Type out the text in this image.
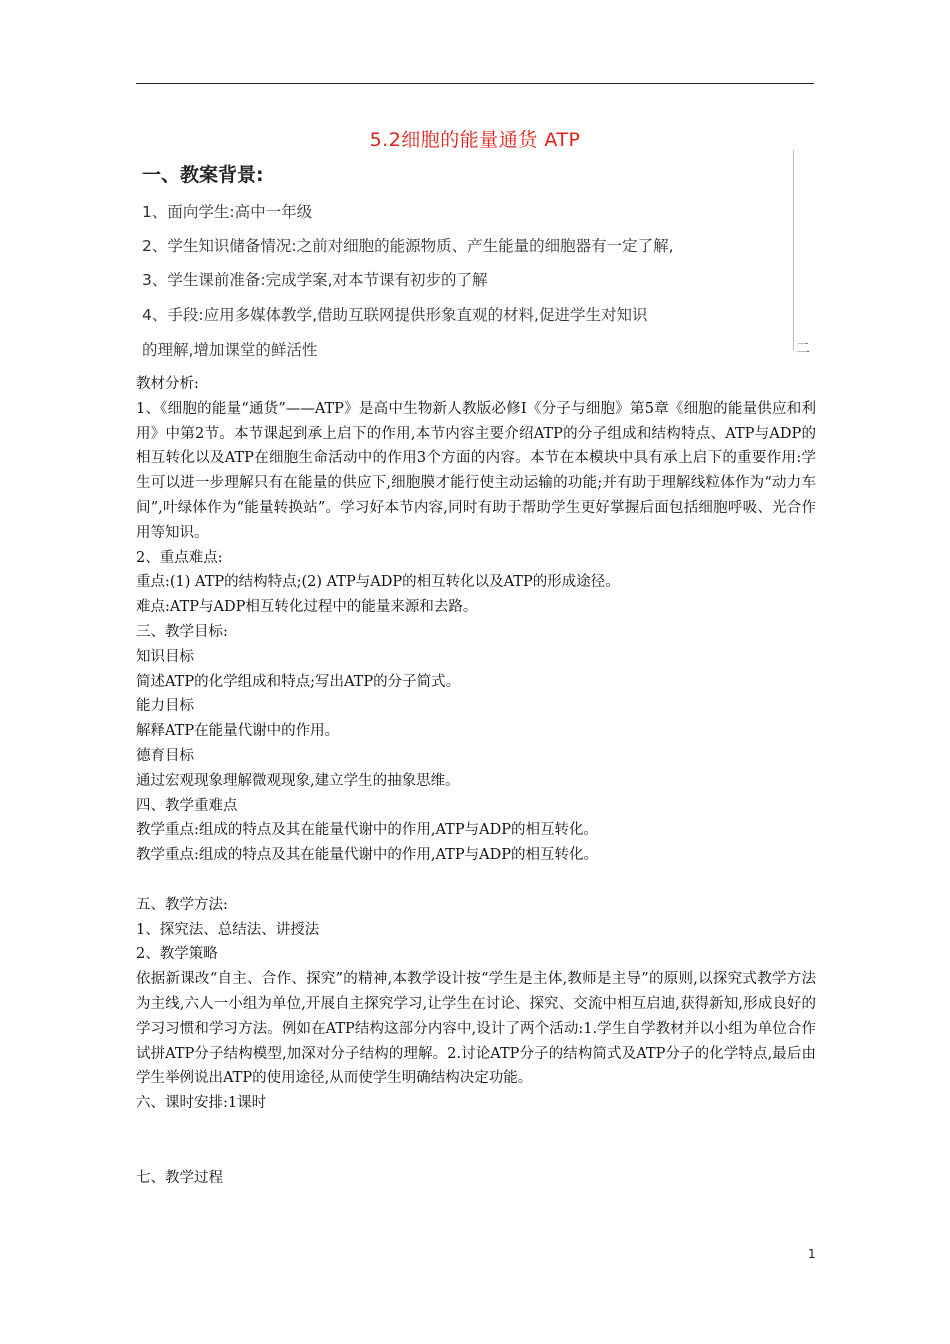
5.2细胞的能量通货 ATP
一、教案背景:
1、面向学生:高中一年级
2、学生知识储备情况:之前对细胞的能源物质、产生能量的细胞器有一定了解,
3、学生课前准备:完成学案,对本节课有初步的了解
4、手段:应用多媒体教学,借助互联网提供形象直观的材料,促进学生对知识
的理解,增加课堂的鲜活性	二

教材分析:

1、《细胞的能量“通货”——ATP》是高中生物新人教版必修Ⅰ《分子与细胞》第5章《细胞的能量供应和利用》中第2节。本节课起到承上启下的作用,本节内容主要介绍ATP的分子组成和结构特点、ATP与ADP的相互转化以及ATP在细胞生命活动中的作用3个方面的内容。本节在本模块中具有承上启下的重要作用:学生可以进一步理解只有在能量的供应下,细胞膜才能行使主动运输的功能;并有助于理解线粒体作为“动力车间”,叶绿体作为“能量转换站”。学习好本节内容,同时有助于帮助学生更好掌握后面包括细胞呼吸、光合作用等知识。

2、重点难点:

重点:(1) ATP的结构特点;(2) ATP与ADP的相互转化以及ATP的形成途径。

难点:ATP与ADP相互转化过程中的能量来源和去路。

三、教学目标:

知识目标

简述ATP的化学组成和特点;写出ATP的分子简式。

能力目标

解释ATP在能量代谢中的作用。

德育目标

通过宏观现象理解微观现象,建立学生的抽象思维。

四、教学重难点

教学重点:组成的特点及其在能量代谢中的作用,ATP与ADP的相互转化。

教学重点:组成的特点及其在能量代谢中的作用,ATP与ADP的相互转化。

五、教学方法:

1、探究法、总结法、讲授法

2、教学策略

依据新课改“自主、合作、探究”的精神,本教学设计按“学生是主体,教师是主导”的原则,以探究式教学方法为主线,六人一小组为单位,开展自主探究学习,让学生在讨论、探究、交流中相互启迪,获得新知,形成良好的学习习惯和学习方法。例如在ATP结构这部分内容中,设计了两个活动:1.学生自学教材并以小组为单位合作试拼ATP分子结构模型,加深对分子结构的理解。2.讨论ATP分子的结构简式及ATP分子的化学特点,最后由学生举例说出ATP的使用途径,从而使学生明确结构决定功能。

六、课时安排:1课时

七、教学过程

1
